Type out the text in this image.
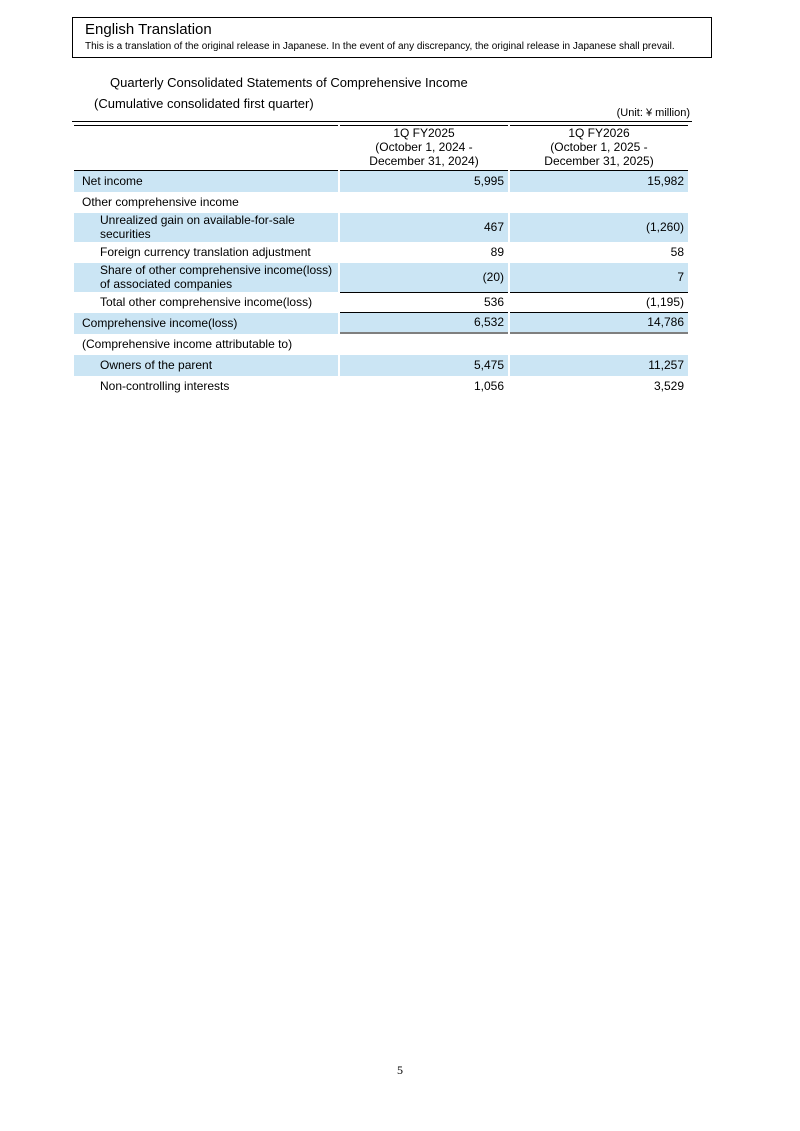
English Translation
This is a translation of the original release in Japanese. In the event of any discrepancy, the original release in Japanese shall prevail.
Quarterly Consolidated Statements of Comprehensive Income
(Cumulative consolidated first quarter)
(Unit: ¥ million)

1Q FY2025
(October 1, 2024 -
December 31, 2024)

1Q FY2026
(October 1, 2025 -
December 31, 2025)

Net income	5,995	15,982
Other comprehensive income		
Unrealized gain on available-for-sale securities	467	(1,260)
Foreign currency translation adjustment	89	58
Share of other comprehensive income(loss) of associated companies	(20)	7
Total other comprehensive income(loss)	536	(1,195)
Comprehensive income(loss)	6,532	14,786
(Comprehensive income attributable to)		
Owners of the parent	5,475	11,257
Non-controlling interests	1,056	3,529
5
